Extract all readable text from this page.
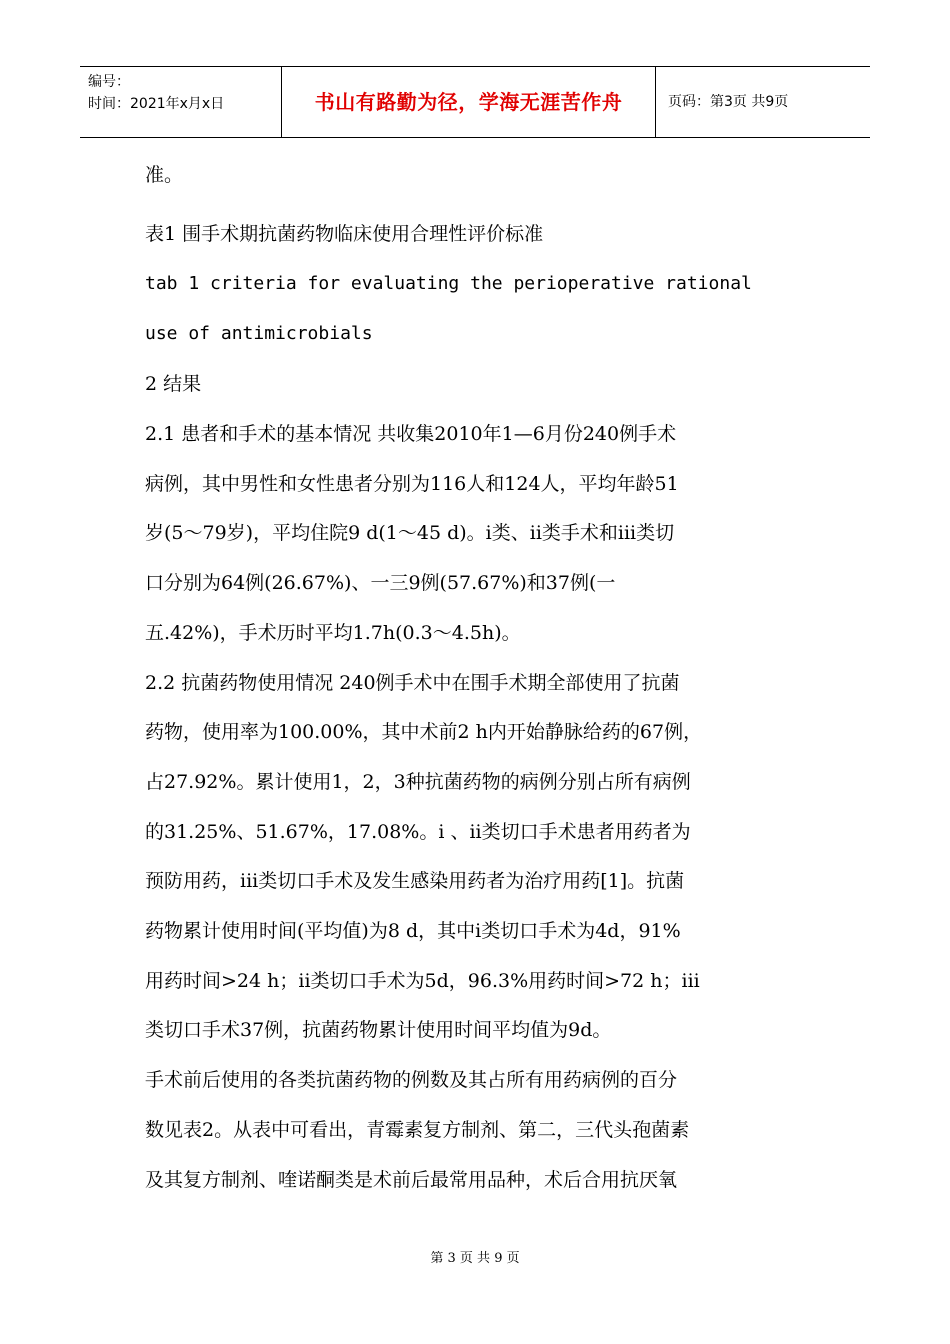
编号：
时间：2021年x月x日	书山有路勤为径，学海无涯苦作舟	页码：第3页 共9页
准。
表1 围手术期抗菌药物临床使用合理性评价标准
tab 1 criteria for evaluating the perioperative rational
use of antimicrobials
2 结果
2.1 患者和手术的基本情况 共收集2010年1—6月份240例手术
病例，其中男性和女性患者分别为116人和124人，平均年龄51
岁(5～79岁)，平均住院9 d(1～45 d)。i类、ii类手术和iii类切
口分别为64例(26.67%)、一三9例(57.67%)和37例(一
五.42%)，手术历时平均1.7h(0.3～4.5h)。
2.2 抗菌药物使用情况 240例手术中在围手术期全部使用了抗菌
药物，使用率为100.00%，其中术前2 h内开始静脉给药的67例，
占27.92%。累计使用1，2，3种抗菌药物的病例分别占所有病例
的31.25%、51.67%，17.08%。i 、ii类切口手术患者用药者为
预防用药，iii类切口手术及发生感染用药者为治疗用药[1]。抗菌
药物累计使用时间(平均值)为8 d，其中i类切口手术为4d，91%
用药时间>24 h；ii类切口手术为5d，96.3%用药时间>72 h；iii
类切口手术37例，抗菌药物累计使用时间平均值为9d。
手术前后使用的各类抗菌药物的例数及其占所有用药病例的百分
数见表2。从表中可看出，青霉素复方制剂、第二，三代头孢菌素
及其复方制剂、喹诺酮类是术前后最常用品种，术后合用抗厌氧
第 3 页 共 9 页
